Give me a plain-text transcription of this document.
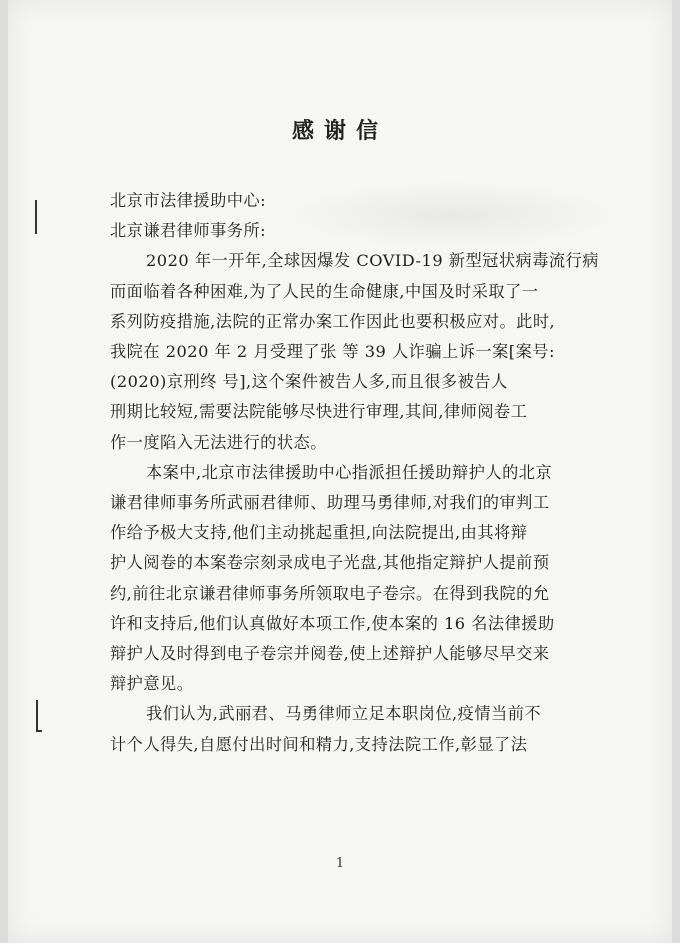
感谢信
北京市法律援助中心:
北京谦君律师事务所:
2020 年一开年,全球因爆发 COVID-19 新型冠状病毒流行病
而面临着各种困难,为了人民的生命健康,中国及时采取了一
系列防疫措施,法院的正常办案工作因此也要积极应对。此时,
我院在 2020 年 2 月受理了张 等 39 人诈骗上诉一案[案号:
(2020)京刑终 号],这个案件被告人多,而且很多被告人
刑期比较短,需要法院能够尽快进行审理,其间,律师阅卷工
作一度陷入无法进行的状态。
本案中,北京市法律援助中心指派担任援助辩护人的北京
谦君律师事务所武丽君律师、助理马勇律师,对我们的审判工
作给予极大支持,他们主动挑起重担,向法院提出,由其将辩
护人阅卷的本案卷宗刻录成电子光盘,其他指定辩护人提前预
约,前往北京谦君律师事务所领取电子卷宗。在得到我院的允
许和支持后,他们认真做好本项工作,使本案的 16 名法律援助
辩护人及时得到电子卷宗并阅卷,使上述辩护人能够尽早交来
辩护意见。
我们认为,武丽君、马勇律师立足本职岗位,疫情当前不
计个人得失,自愿付出时间和精力,支持法院工作,彰显了法
1
